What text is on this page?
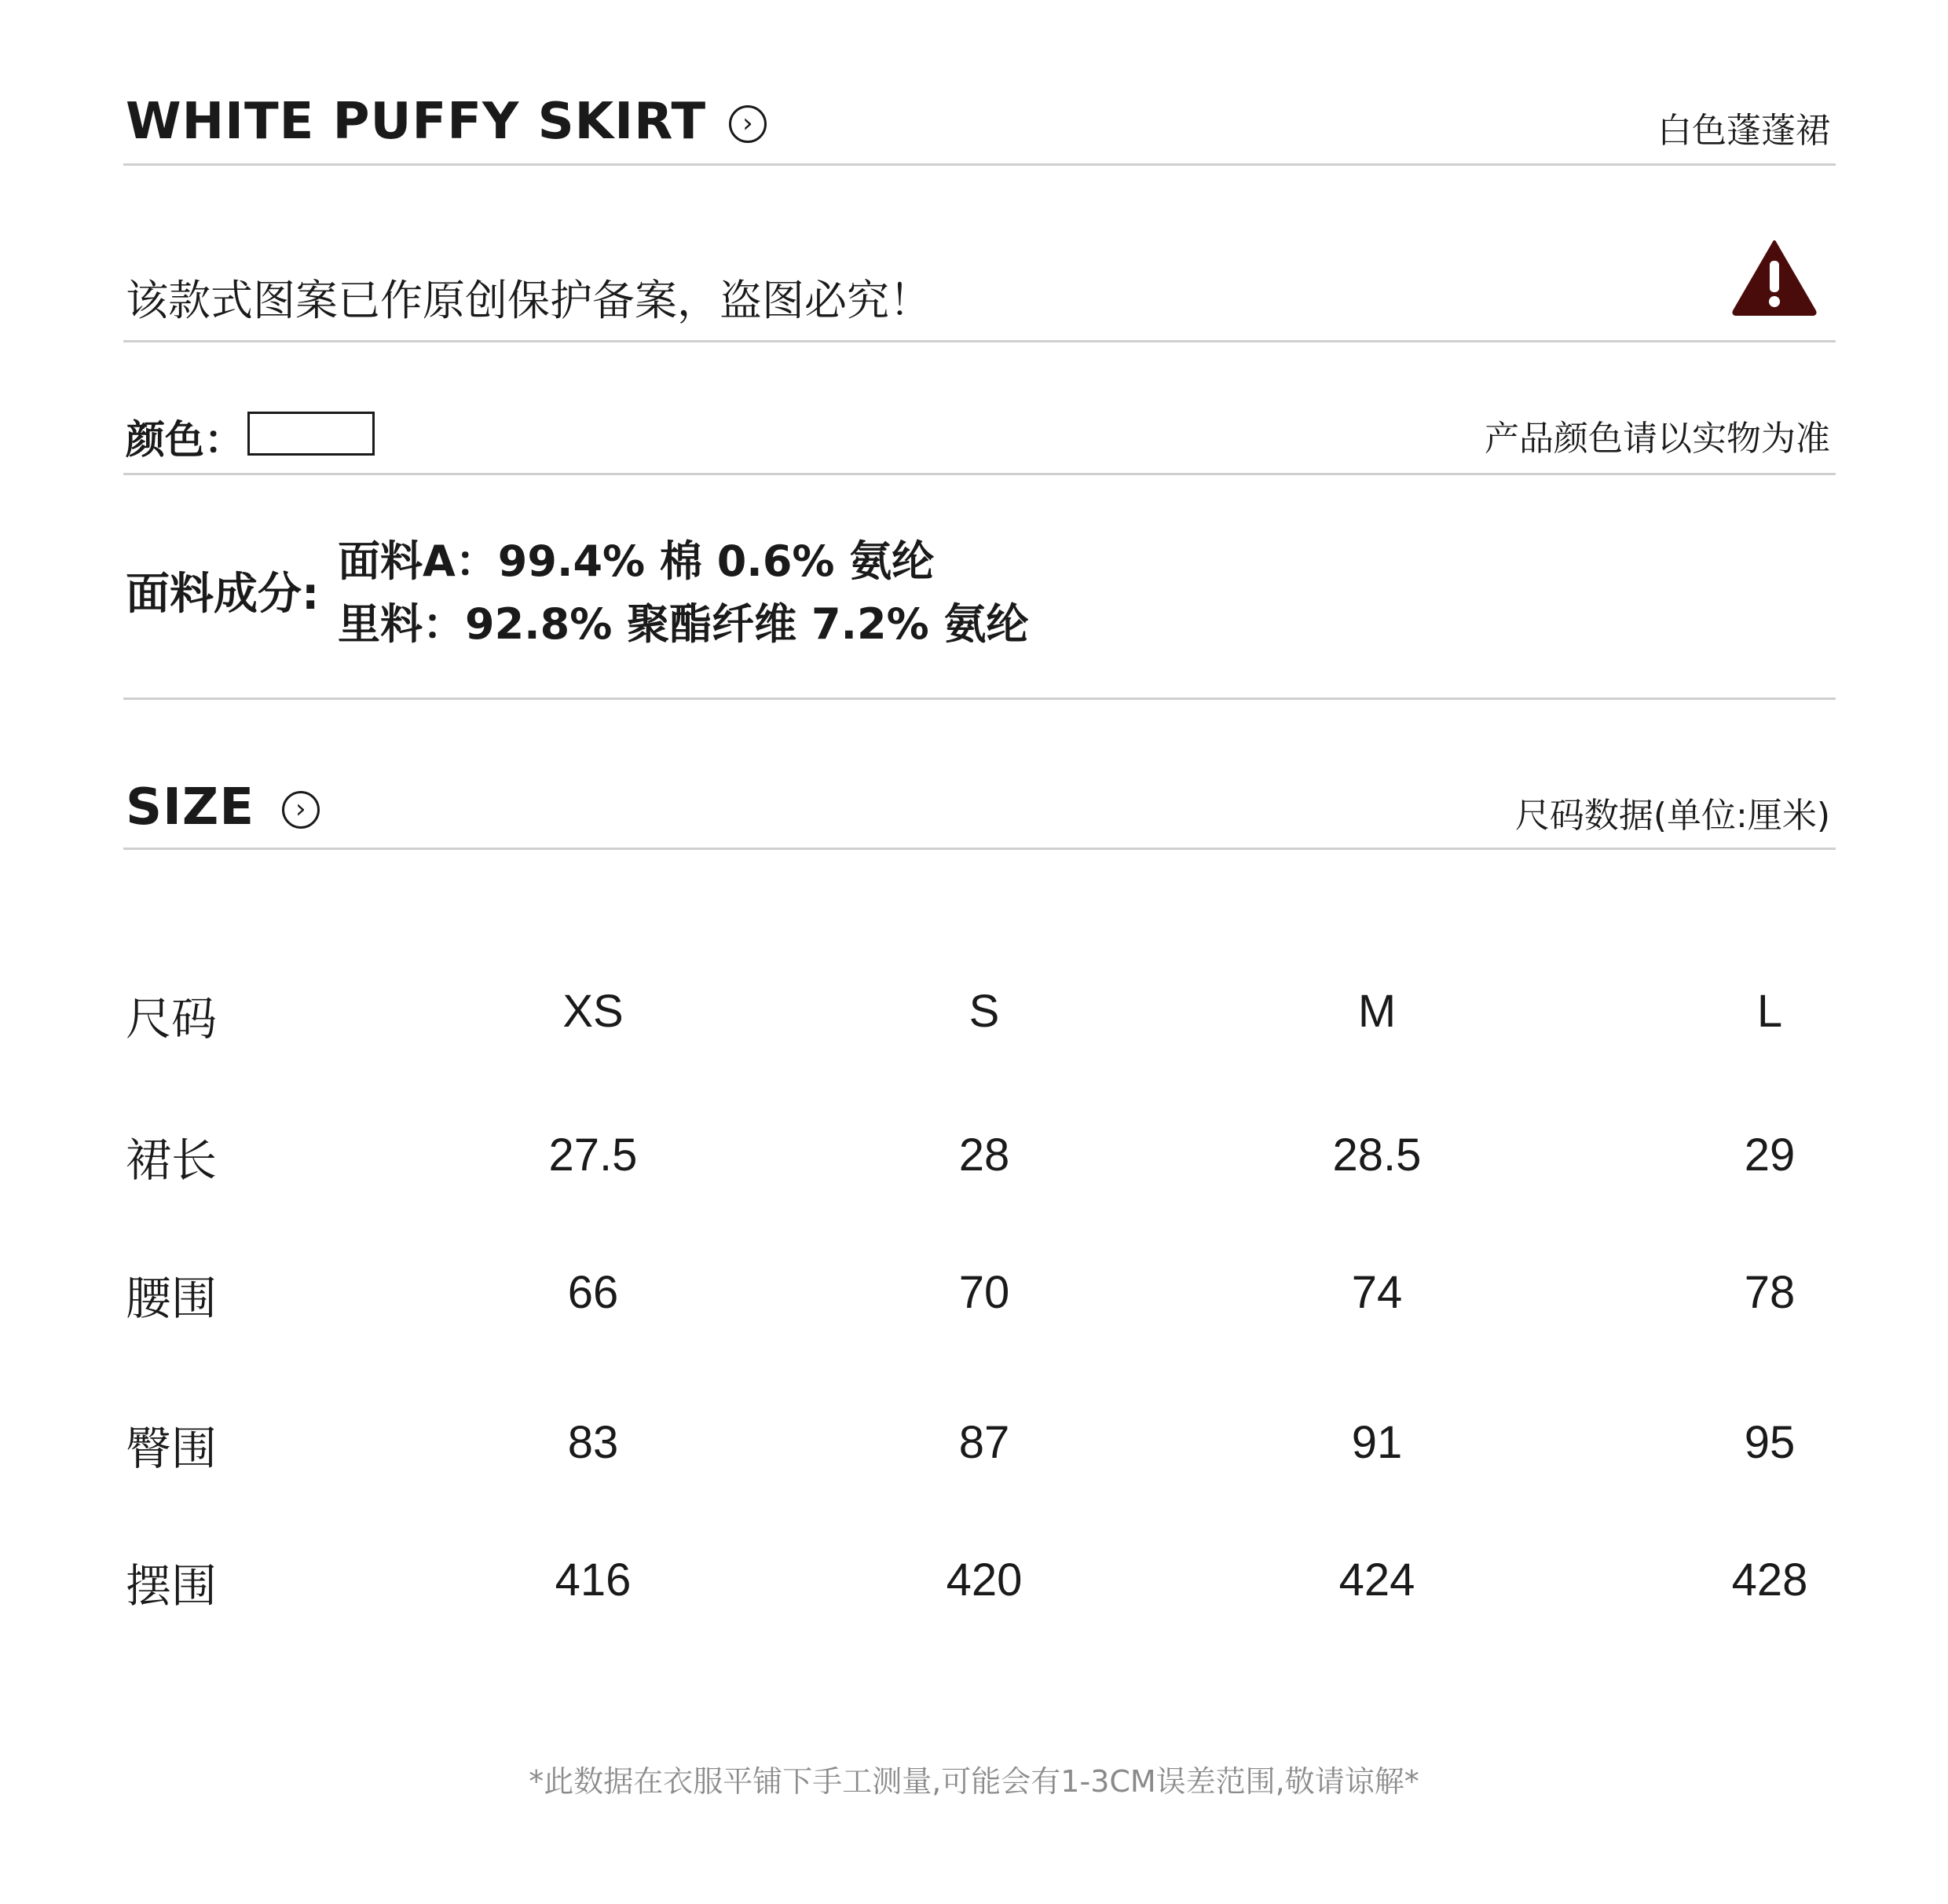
WHITE PUFFY SKIRT ›	白色蓬蓬裙
该款式图案已作原创保护备案，盗图必究！
颜色：	产品颜色请以实物为准
面料成分:
面料A：99.4% 棉 0.6% 氨纶
里料：92.8% 聚酯纤维 7.2% 氨纶
SIZE ›	尺码数据(单位:厘米)
尺码	XS	S	M	L
裙长	27.5	28	28.5	29
腰围	66	70	74	78
臀围	83	87	91	95
摆围	416	420	424	428
*此数据在衣服平铺下手工测量,可能会有1-3CM误差范围,敬请谅解*
